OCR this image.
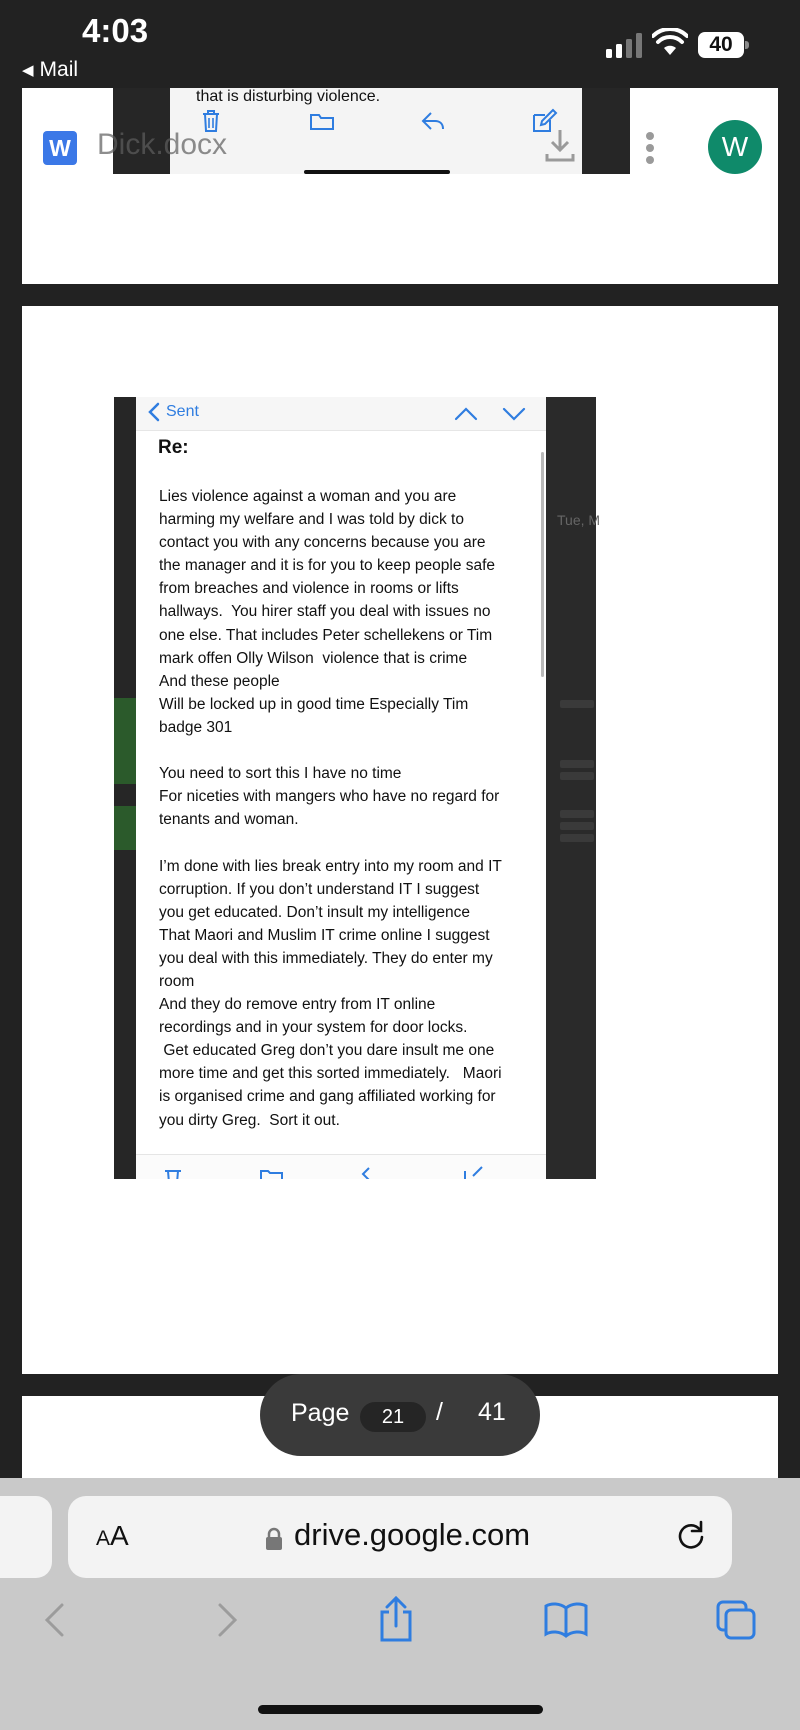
4:03
◀ Mail
40
that is disturbing violence.
W Dick.docx	W
Tue, M
Sent
Re:
Lies violence against a woman and you are
harming my welfare and I was told by dick to
contact you with any concerns because you are
the manager and it is for you to keep people safe
from breaches and violence in rooms or lifts
hallways.  You hirer staff you deal with issues no
one else. That includes Peter schellekens or Tim
mark offen Olly Wilson  violence that is crime
And these people
Will be locked up in good time Especially Tim
badge 301

You need to sort this I have no time
For niceties with mangers who have no regard for
tenants and woman.

I’m done with lies break entry into my room and IT
corruption. If you don’t understand IT I suggest
you get educated. Don’t insult my intelligence
That Maori and Muslim IT crime online I suggest
you deal with this immediately. They do enter my
room
And they do remove entry from IT online
recordings and in your system for door locks.
Get educated Greg don’t you dare insult me one
more time and get this sorted immediately.   Maori
is organised crime and gang affiliated working for
you dirty Greg.  Sort it out.
Page	21	/ 41
AA	drive.google.com
